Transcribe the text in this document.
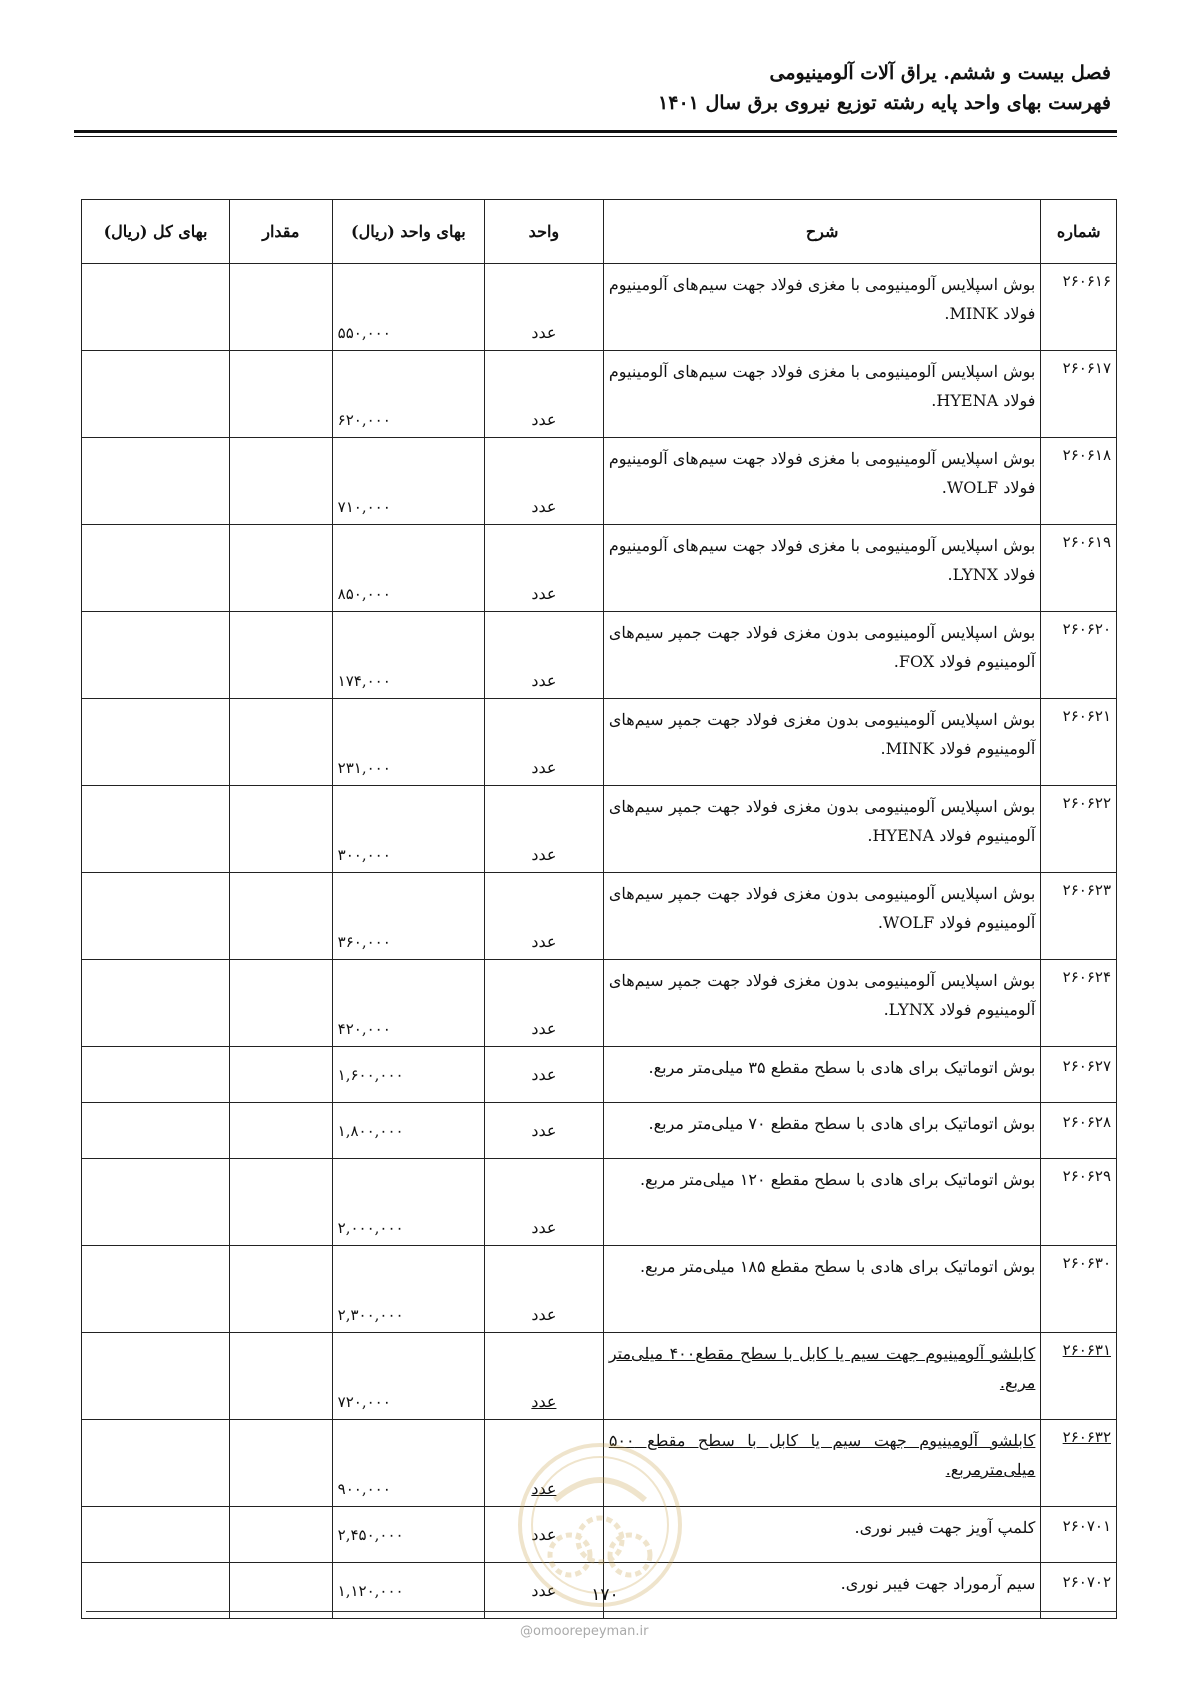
فصل بیست و ششم. یراق آلات آلومینیومی
فهرست بهای واحد پایه رشته توزیع نیروی برق سال ۱۴۰۱
شماره	شرح	واحد	بهای واحد (ریال)	مقدار	بهای کل (ریال)
۲۶۰۶۱۶	بوش اسپلایس آلومینیومی با مغزی فولاد جهت سیم‌های آلومینیوم فولاد MINK.	عدد	۵۵۰,۰۰۰		
۲۶۰۶۱۷	بوش اسپلایس آلومینیومی با مغزی فولاد جهت سیم‌های آلومینیوم فولاد HYENA.	عدد	۶۲۰,۰۰۰		
۲۶۰۶۱۸	بوش اسپلایس آلومینیومی با مغزی فولاد جهت سیم‌های آلومینیوم فولاد WOLF.	عدد	۷۱۰,۰۰۰		
۲۶۰۶۱۹	بوش اسپلایس آلومینیومی با مغزی فولاد جهت سیم‌های آلومینیوم فولاد LYNX.	عدد	۸۵۰,۰۰۰		
۲۶۰۶۲۰	بوش اسپلایس آلومینیومی بدون مغزی فولاد جهت جمپر سیم‌های آلومینیوم فولاد FOX.	عدد	۱۷۴,۰۰۰		
۲۶۰۶۲۱	بوش اسپلایس آلومینیومی بدون مغزی فولاد جهت جمپر سیم‌های آلومینیوم فولاد MINK.	عدد	۲۳۱,۰۰۰		
۲۶۰۶۲۲	بوش اسپلایس آلومینیومی بدون مغزی فولاد جهت جمپر سیم‌های آلومینیوم فولاد HYENA.	عدد	۳۰۰,۰۰۰		
۲۶۰۶۲۳	بوش اسپلایس آلومینیومی بدون مغزی فولاد جهت جمپر سیم‌های آلومینیوم فولاد WOLF.	عدد	۳۶۰,۰۰۰		
۲۶۰۶۲۴	بوش اسپلایس آلومینیومی بدون مغزی فولاد جهت جمپر سیم‌های آلومینیوم فولاد LYNX.	عدد	۴۲۰,۰۰۰		
۲۶۰۶۲۷	بوش اتوماتیک برای هادی با سطح مقطع ۳۵ میلی‌متر مربع.	عدد	۱,۶۰۰,۰۰۰		
۲۶۰۶۲۸	بوش اتوماتیک برای هادی با سطح مقطع ۷۰ میلی‌متر مربع.	عدد	۱,۸۰۰,۰۰۰		
۲۶۰۶۲۹	بوش اتوماتیک برای هادی با سطح مقطع ۱۲۰ میلی‌متر مربع.	عدد	۲,۰۰۰,۰۰۰		
۲۶۰۶۳۰	بوش اتوماتیک برای هادی با سطح مقطع ۱۸۵ میلی‌متر مربع.	عدد	۲,۳۰۰,۰۰۰		
۲۶۰۶۳۱	کابلشو آلومینیوم جهت سیم یا کابل با سطح مقطع۴۰۰ میلی‌متر مربع.	عدد	۷۲۰,۰۰۰		
۲۶۰۶۳۲	کابلشو آلومینیوم جهت سیم یا کابل با سطح مقطع ۵۰۰ میلی‌مترمربع.	عدد	۹۰۰,۰۰۰		
۲۶۰۷۰۱	کلمپ آویز جهت فیبر نوری.	عدد	۲,۴۵۰,۰۰۰		
۲۶۰۷۰۲	سیم آرموراد جهت فیبر نوری.	عدد	۱,۱۲۰,۰۰۰			۱۷۰
@omoorepeyman.ir
